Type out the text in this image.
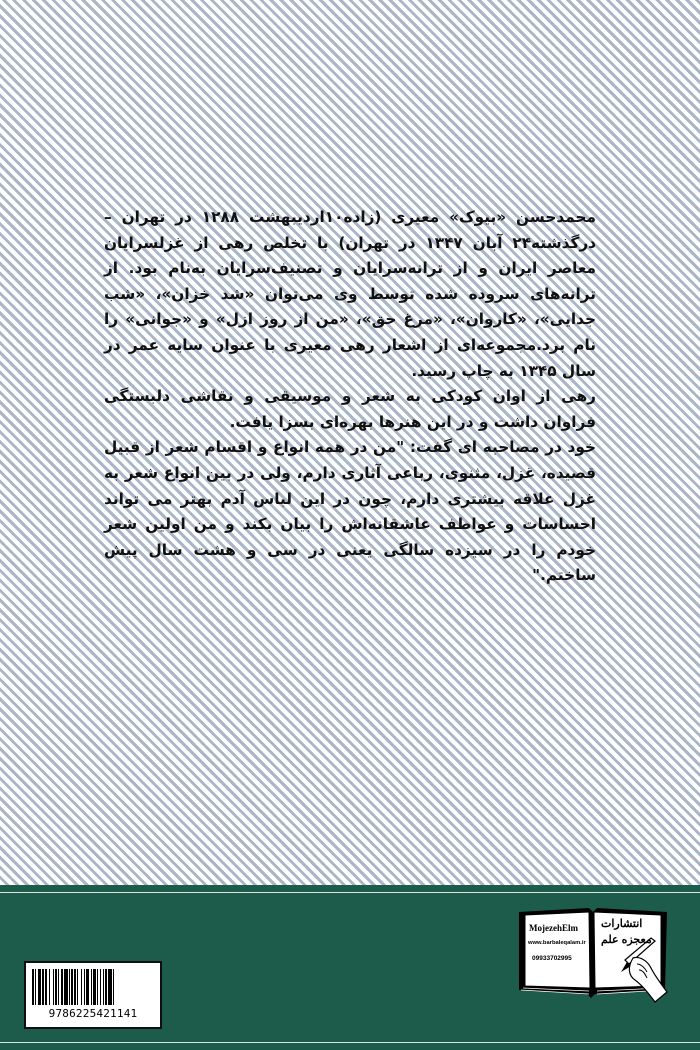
محمدحسن «بیوک» معیری (زاده۱۰اردیبهشت ۱۲۸۸ در تهران – درگذشته۲۴ آبان ۱۳۴۷ در تهران) با تخلص رهی از غزلسرایان معاصر ایران و از ترانه‌سرایان و تصنیف‌سرایان به‌نام بود. از ترانه‌های سروده شده توسط وی می‌توان «شد خزان»، «شب جدایی»، «کاروان»، «مرغ حق»، «من از روز ازل» و «جوانی» را نام برد.مجموعه‌ای از اشعار رهی معیری با عنوان سایه عمر در سال ۱۳۴۵ به چاپ رسید.

رهی از اوان کودکی به شعر و موسیقی و نقاشی دلبستگی فراوان داشت و در این هنرها بهره‌ای بسزا یافت.

خود در مصاحبه ای گفت: "من در همه انواع و اقسام شعر از قبیل قصیده، غزل، مثنوی، رباعی آثاری دارم، ولی در بین انواع شعر به غزل علاقه بیشتری دارم، چون در این لباس آدم بهتر می تواند احساسات و عواطف عاشقانه‌اش را بیان بکند و من اولین شعر خودم را در سیزده سالگی یعنی در سی و هشت سال پیش ساختم."

9786225421141
انتشارات
معجزه علم
MojezehElm
www.barbaleqalam.ir
09933702995
